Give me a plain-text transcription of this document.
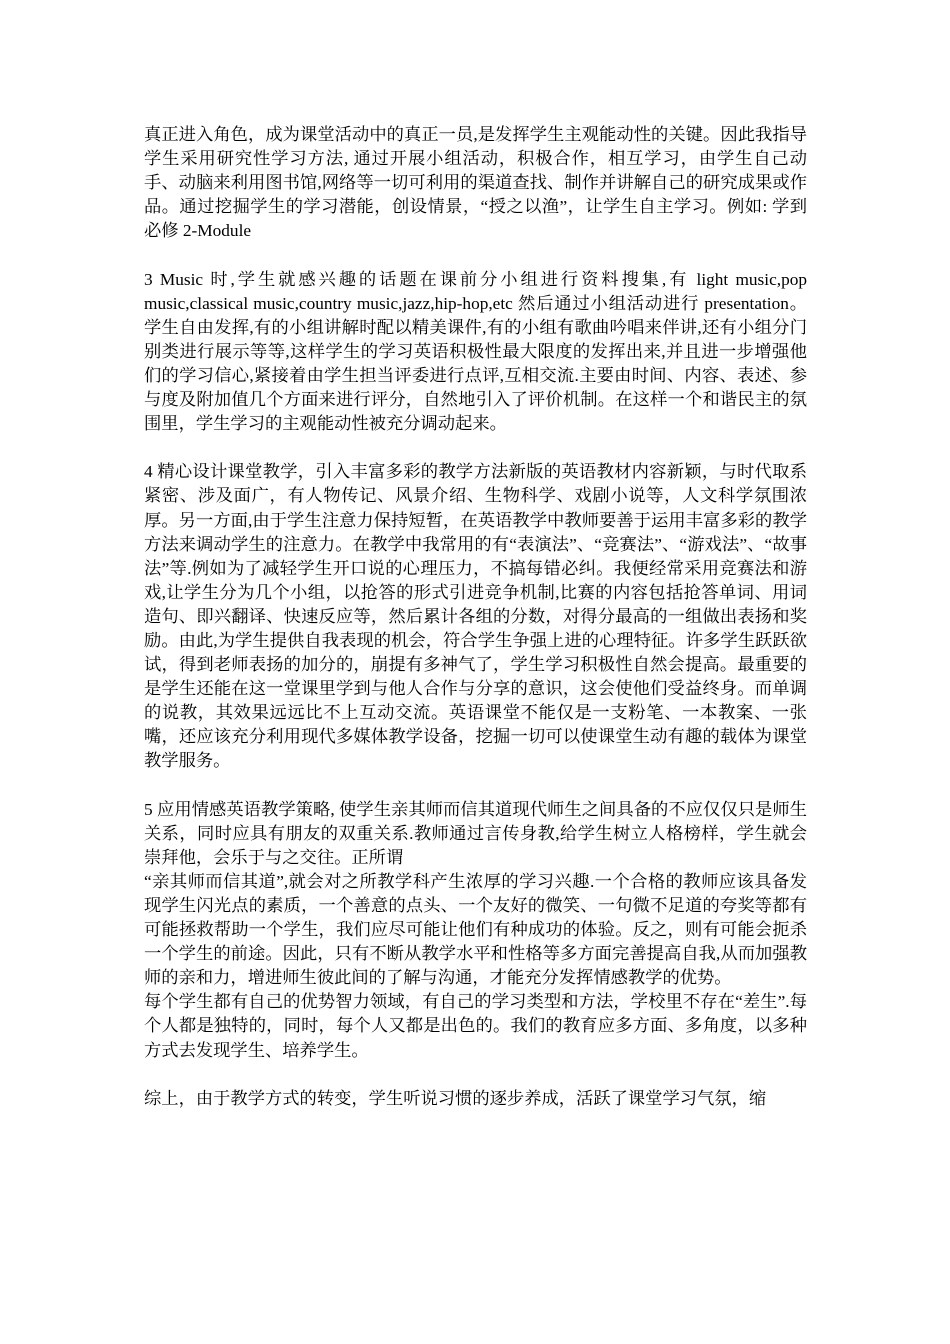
真正进入角色，成为课堂活动中的真正一员,是发挥学生主观能动性的关键。因此我指导学生采用研究性学习方法, 通过开展小组活动，积极合作，相互学习，由学生自己动手、动脑来利用图书馆,网络等一切可利用的渠道查找、制作并讲解自己的研究成果或作品。通过挖掘学生的学习潜能，创设情景，“授之以渔”，让学生自主学习。例如: 学到必修 2-Module

3 Music 时,学生就感兴趣的话题在课前分小组进行资料搜集,有 light music,pop music,classical music,country music,jazz,hip-hop,etc 然后通过小组活动进行 presentation。学生自由发挥,有的小组讲解时配以精美课件,有的小组有歌曲吟唱来伴讲,还有小组分门别类进行展示等等,这样学生的学习英语积极性最大限度的发挥出来,并且进一步增强他们的学习信心,紧接着由学生担当评委进行点评,互相交流.主要由时间、内容、表述、参与度及附加值几个方面来进行评分，自然地引入了评价机制。在这样一个和谐民主的氛围里，学生学习的主观能动性被充分调动起来。

4 精心设计课堂教学，引入丰富多彩的教学方法新版的英语教材内容新颖，与时代取系紧密、涉及面广，有人物传记、风景介绍、生物科学、戏剧小说等，人文科学氛围浓厚。另一方面,由于学生注意力保持短暂，在英语教学中教师要善于运用丰富多彩的教学方法来调动学生的注意力。在教学中我常用的有“表演法”、“竞赛法”、“游戏法”、“故事法”等.例如为了减轻学生开口说的心理压力，不搞每错必纠。我便经常采用竞赛法和游戏,让学生分为几个小组，以抢答的形式引进竞争机制,比赛的内容包括抢答单词、用词造句、即兴翻译、快速反应等，然后累计各组的分数，对得分最高的一组做出表扬和奖励。由此,为学生提供自我表现的机会，符合学生争强上进的心理特征。许多学生跃跃欲试，得到老师表扬的加分的，崩提有多神气了，学生学习积极性自然会提高。最重要的是学生还能在这一堂课里学到与他人合作与分享的意识，这会使他们受益终身。而单调的说教，其效果远远比不上互动交流。英语课堂不能仅是一支粉笔、一本教案、一张嘴，还应该充分利用现代多媒体教学设备，挖掘一切可以使课堂生动有趣的载体为课堂教学服务。

5 应用情感英语教学策略, 使学生亲其师而信其道现代师生之间具备的不应仅仅只是师生关系，同时应具有朋友的双重关系.教师通过言传身教,给学生树立人格榜样，学生就会崇拜他，会乐于与之交往。正所谓

“亲其师而信其道”,就会对之所教学科产生浓厚的学习兴趣.一个合格的教师应该具备发现学生闪光点的素质，一个善意的点头、一个友好的微笑、一句微不足道的夸奖等都有可能拯救帮助一个学生，我们应尽可能让他们有种成功的体验。反之，则有可能会扼杀一个学生的前途。因此，只有不断从教学水平和性格等多方面完善提高自我,从而加强教师的亲和力，增进师生彼此间的了解与沟通，才能充分发挥情感教学的优势。

每个学生都有自己的优势智力领域，有自己的学习类型和方法，学校里不存在“差生”.每个人都是独特的，同时，每个人又都是出色的。我们的教育应多方面、多角度，以多种方式去发现学生、培养学生。

综上，由于教学方式的转变，学生听说习惯的逐步养成，活跃了课堂学习气氛，缩
